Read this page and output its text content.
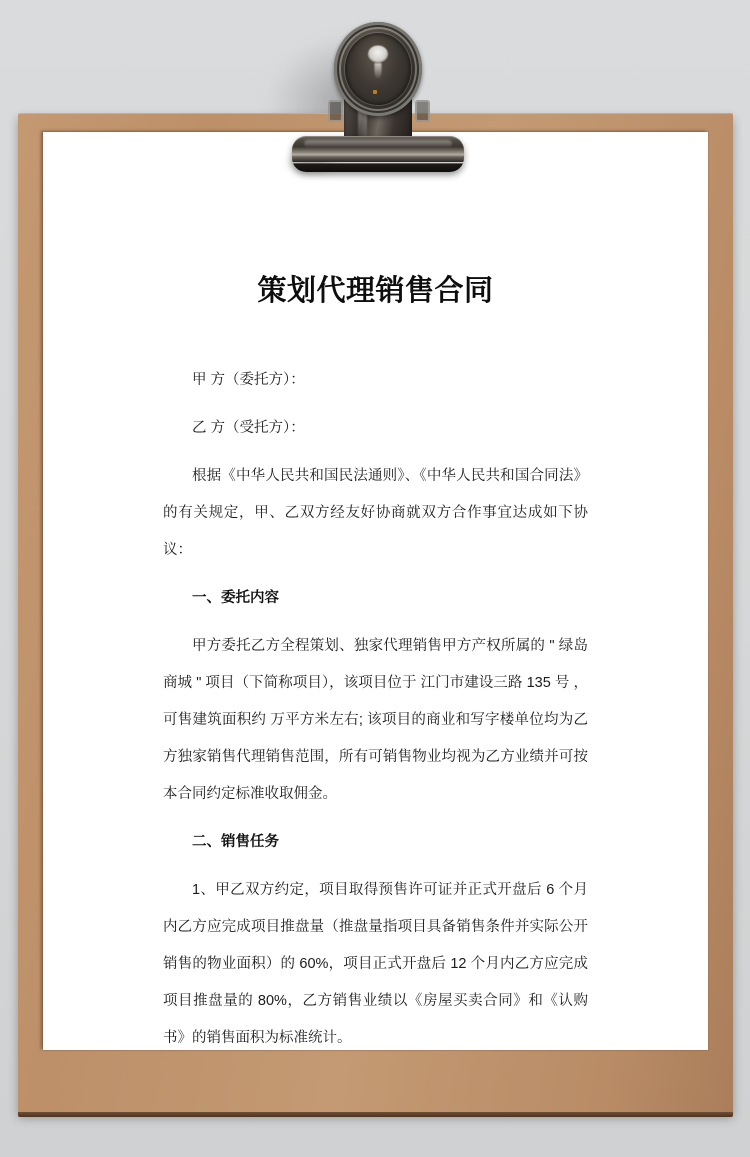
策划代理销售合同

甲 方（委托方）：

乙 方（受托方）：

根据《中华人民共和国民法通则》、《中华人民共和国合同法》的有关规定，甲、乙双方经友好协商就双方合作事宜达成如下协议：

一、委托内容

甲方委托乙方全程策划、独家代理销售甲方产权所属的 " 绿岛商城 " 项目（下简称项目），该项目位于 江门市建设三路 135 号 ，可售建筑面积约 万平方米左右; 该项目的商业和写字楼单位均为乙方独家销售代理销售范围，所有可销售物业均视为乙方业绩并可按本合同约定标准收取佣金。

二、销售任务

1、甲乙双方约定，项目取得预售许可证并正式开盘后 6 个月内乙方应完成项目推盘量（推盘量指项目具备销售条件并实际公开销售的物业面积）的 60%，项目正式开盘后 12 个月内乙方应完成项目推盘量的 80%，乙方销售业绩以《房屋买卖合同》和《认购书》的销售面积为标准统计。
